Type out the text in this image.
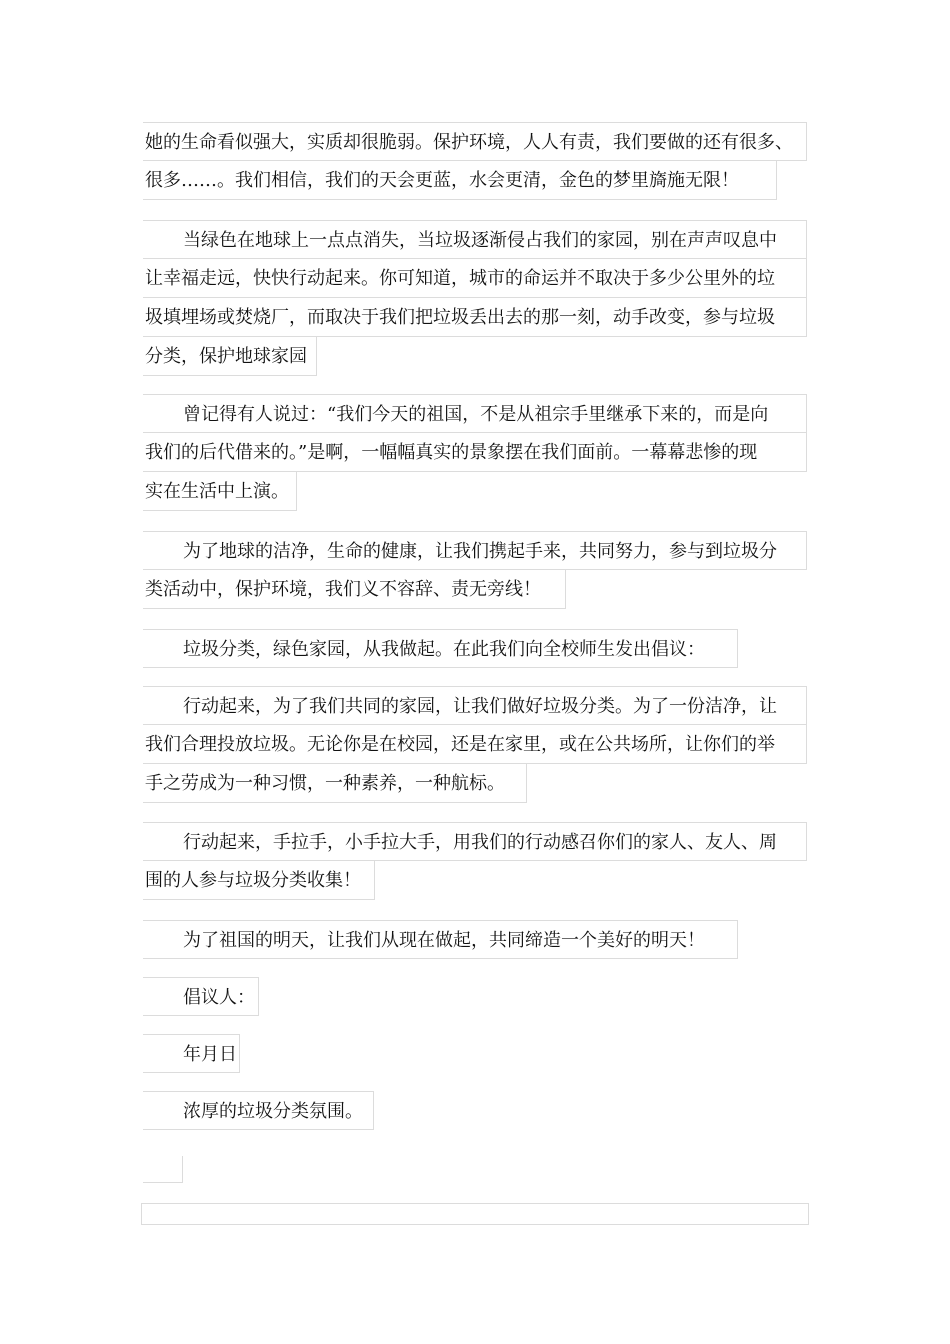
她的生命看似强大，实质却很脆弱。保护环境，人人有责，我们要做的还有很多、
很多……。我们相信，我们的天会更蓝，水会更清，金色的梦里旖施无限！
当绿色在地球上一点点消失，当垃圾逐渐侵占我们的家园，别在声声叹息中
让幸福走远，快快行动起来。你可知道，城市的命运并不取决于多少公里外的垃
圾填埋场或焚烧厂，而取决于我们把垃圾丢出去的那一刻，动手改变，参与垃圾
分类，保护地球家园
曾记得有人说过：“我们今天的祖国，不是从祖宗手里继承下来的，而是向
我们的后代借来的。”是啊，一幅幅真实的景象摆在我们面前。一幕幕悲惨的现
实在生活中上演。
为了地球的洁净，生命的健康，让我们携起手来，共同努力，参与到垃圾分
类活动中，保护环境，我们义不容辞、责无旁线！
垃圾分类，绿色家园，从我做起。在此我们向全校师生发出倡议：
行动起来，为了我们共同的家园，让我们做好垃圾分类。为了一份洁净，让
我们合理投放垃圾。无论你是在校园，还是在家里，或在公共场所，让你们的举
手之劳成为一种习惯，一种素养，一种航标。
行动起来，手拉手，小手拉大手，用我们的行动感召你们的家人、友人、周
围的人参与垃圾分类收集！
为了祖国的明天，让我们从现在做起，共同缔造一个美好的明天！
倡议人：
年月日
浓厚的垃圾分类氛围。
